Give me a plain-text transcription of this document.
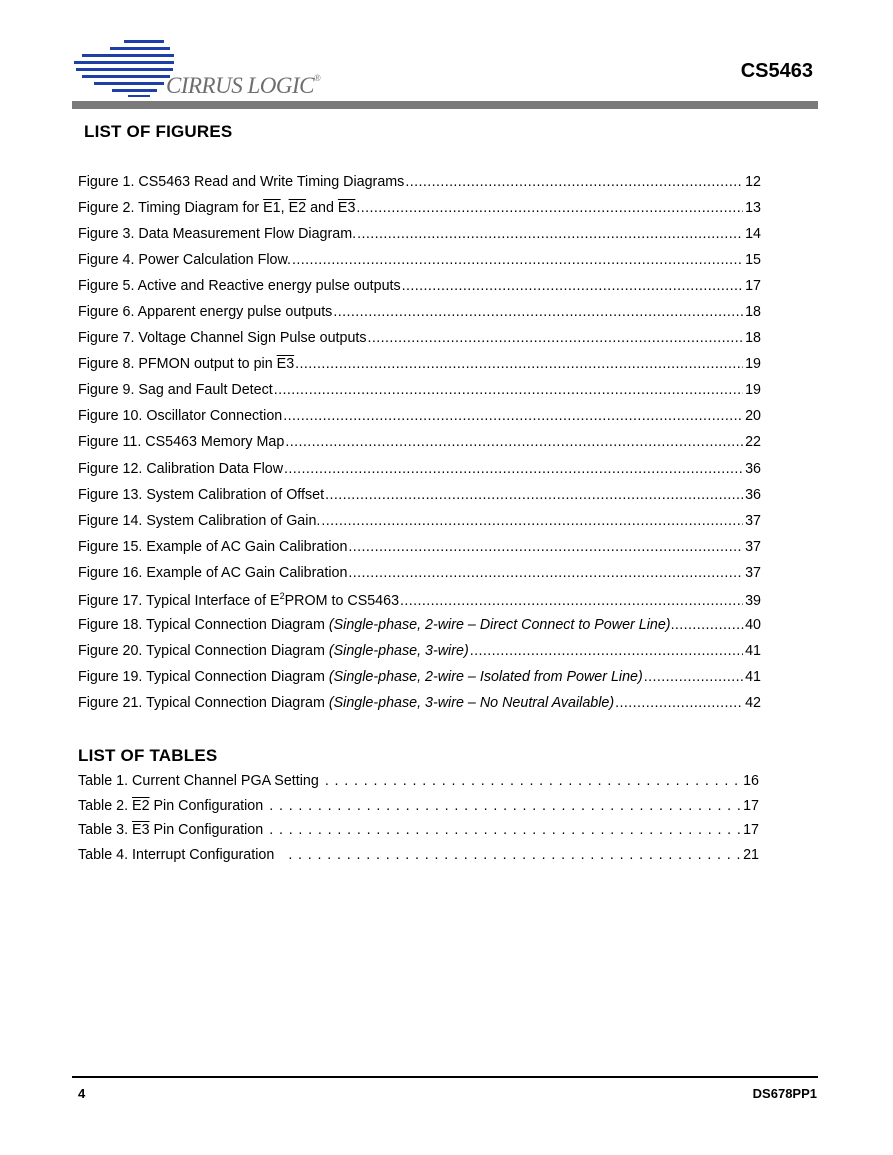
CIRRUS LOGIC®	CS5463
LIST OF FIGURES
Figure 1. CS5463 Read and Write Timing Diagrams .....	12
Figure 2. Timing Diagram for E1, E2 and E3 .....	13
Figure 3. Data Measurement Flow Diagram. .....	14
Figure 4. Power Calculation Flow. .....	15
Figure 5. Active and Reactive energy pulse outputs .....	17
Figure 6. Apparent energy pulse outputs .....	18
Figure 7. Voltage Channel Sign Pulse outputs .....	18
Figure 8. PFMON output to pin E3 .....	19
Figure 9. Sag and Fault Detect .....	19
Figure 10. Oscillator Connection .....	20
Figure 11. CS5463 Memory Map .....	22
Figure 12. Calibration Data Flow .....	36
Figure 13. System Calibration of Offset .....	36
Figure 14. System Calibration of Gain. .....	37
Figure 15. Example of AC Gain Calibration .....	37
Figure 16. Example of AC Gain Calibration .....	37
Figure 17. Typical Interface of $E^2PROM$ to CS5463 .....	39
Figure 18. Typical Connection Diagram (Single-phase, 2-wire – Direct Connect to Power Line) .....	40
Figure 20. Typical Connection Diagram (Single-phase, 3-wire) .....	41
Figure 19. Typical Connection Diagram (Single-phase, 2-wire – Isolated from Power Line) .....	41
Figure 21. Typical Connection Diagram (Single-phase, 3-wire – No Neutral Available) .....	42
LIST OF TABLES
Table 1. Current Channel PGA Setting . . .	16
Table 2. E2 Pin Configuration . . .	17
Table 3. E3 Pin Configuration . . .	17
Table 4. Interrupt Configuration . . .	21
4	DS678PP1
